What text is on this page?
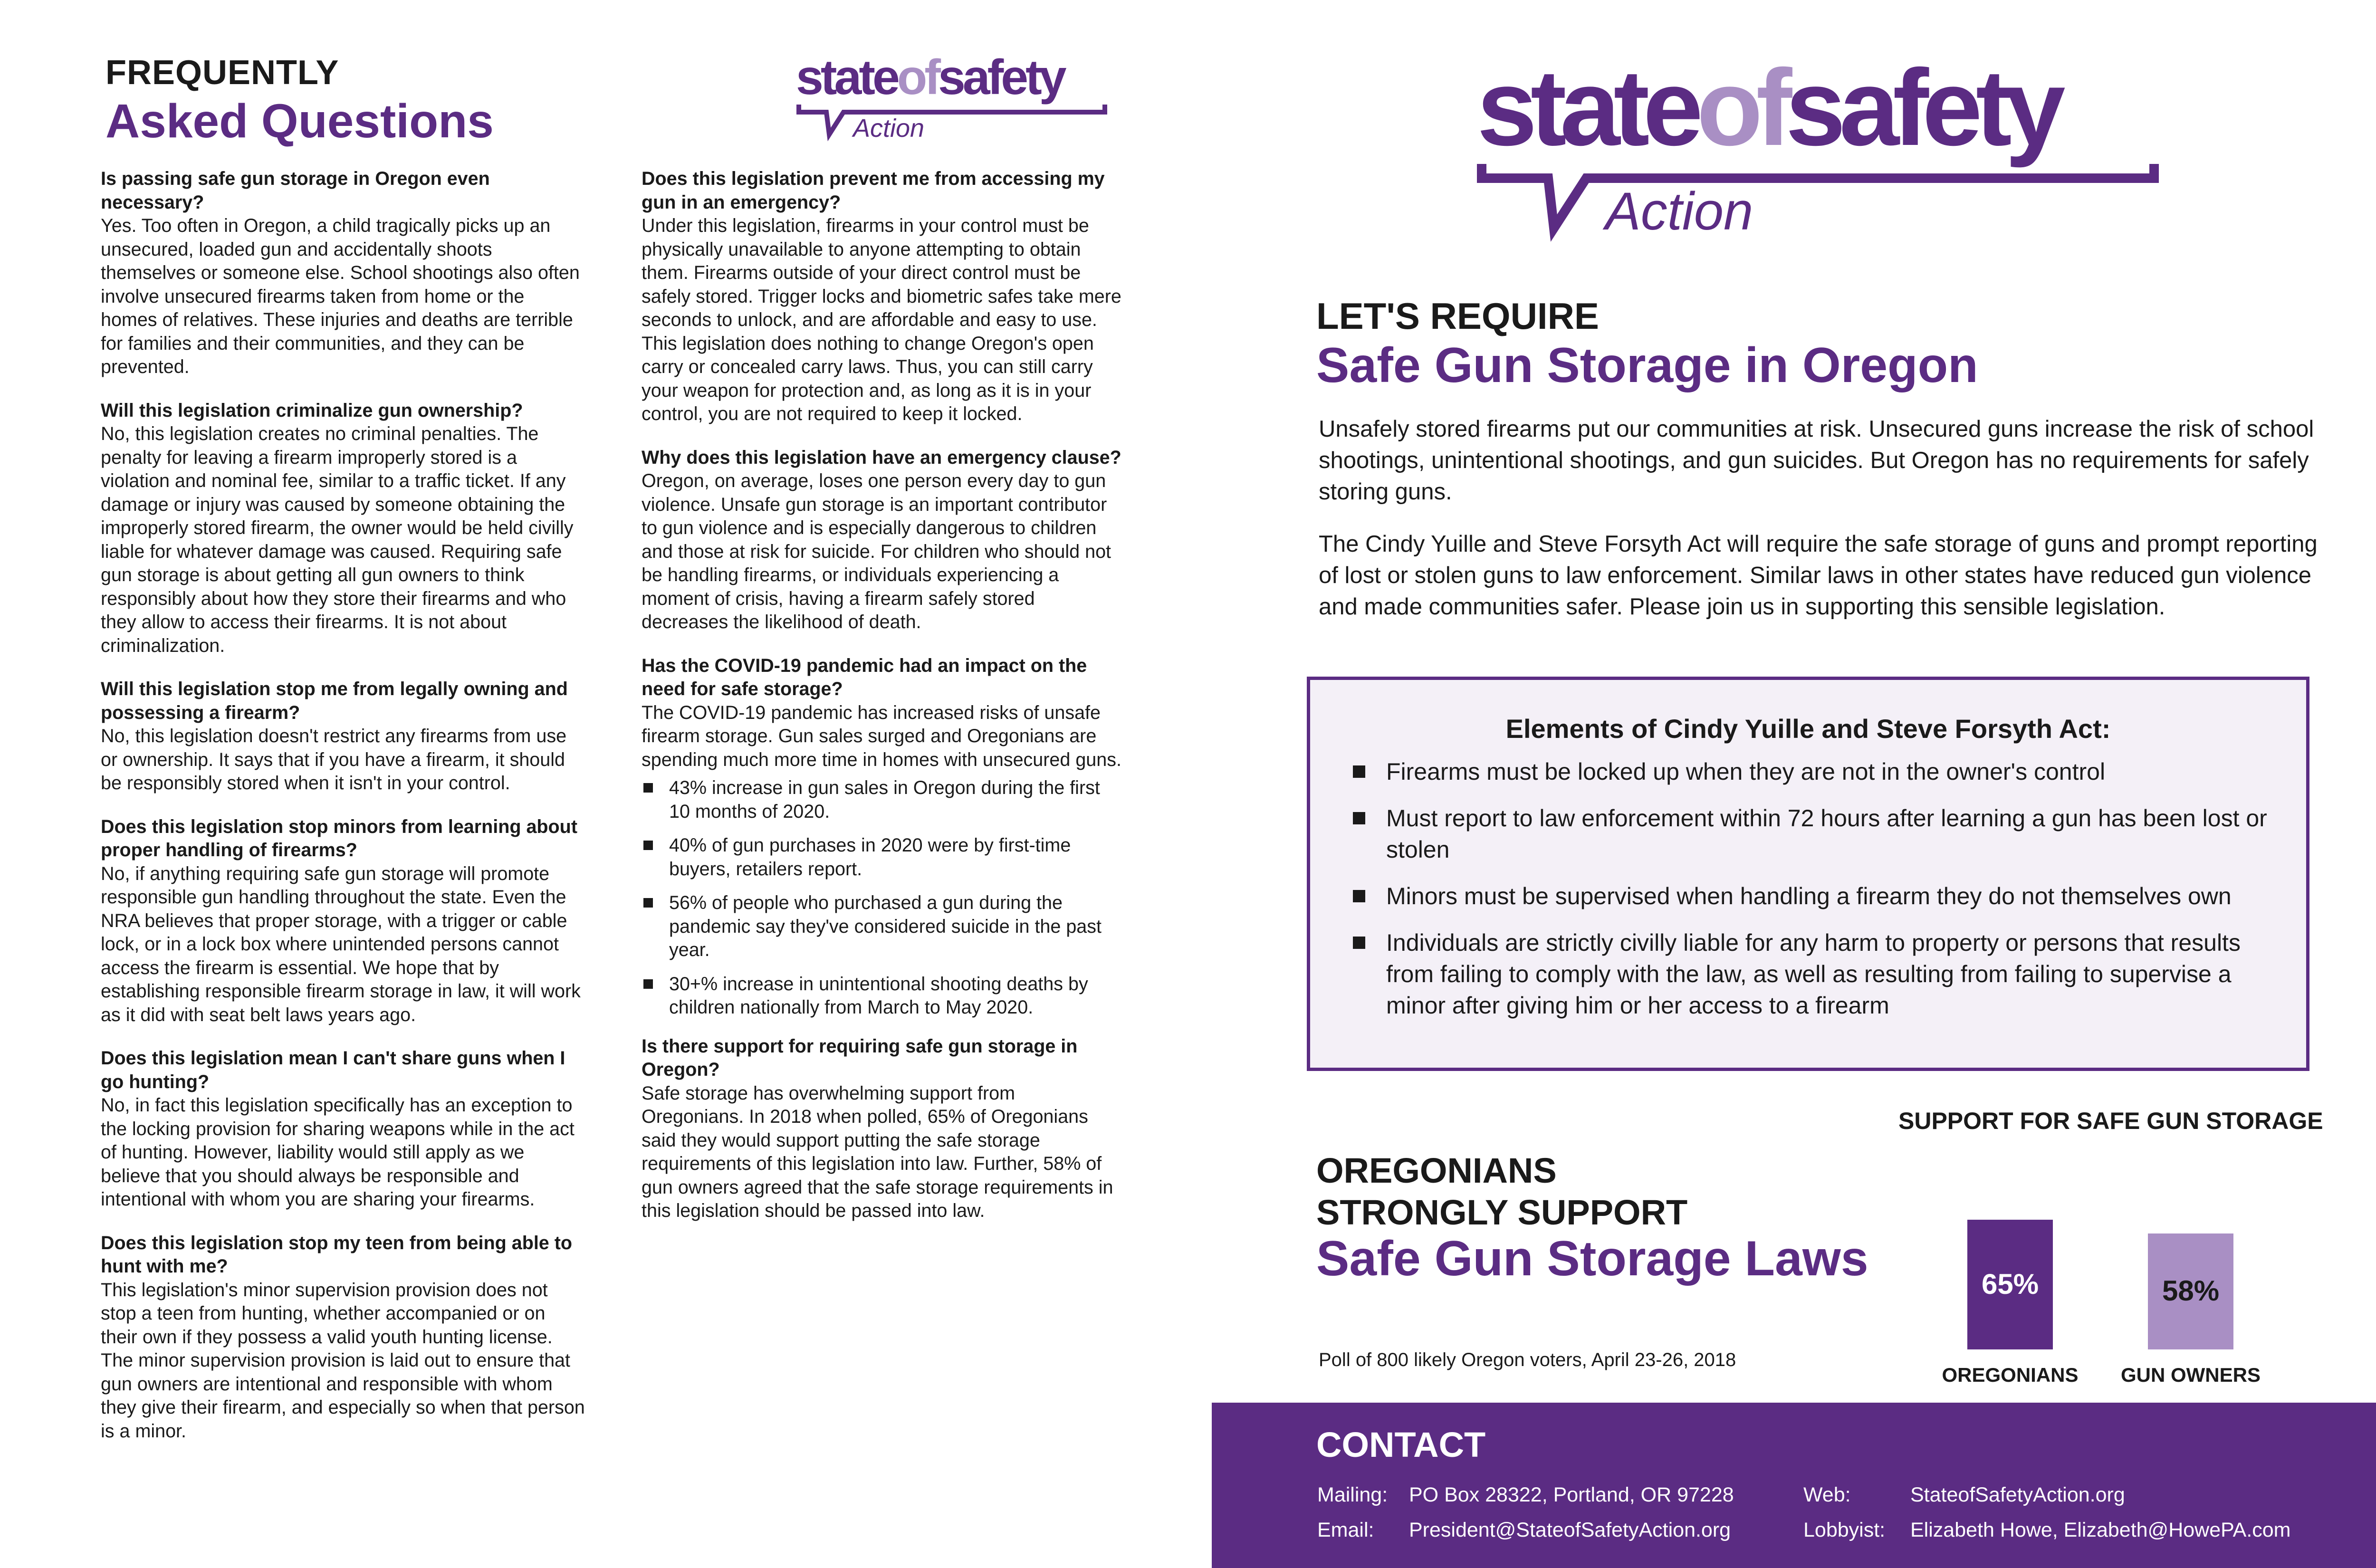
FREQUENTLY
Asked Questions
Is passing safe gun storage in Oregon even necessary?
Yes. Too often in Oregon, a child tragically picks up an unsecured, loaded gun and accidentally shoots themselves or someone else. School shootings also often involve unsecured firearms taken from home or the homes of relatives. These injuries and deaths are terrible for families and their communities, and they can be prevented.
Will this legislation criminalize gun ownership?
No, this legislation creates no criminal penalties. The penalty for leaving a firearm improperly stored is a violation and nominal fee, similar to a traffic ticket. If any damage or injury was caused by someone obtaining the improperly stored firearm, the owner would be held civilly liable for whatever damage was caused. Requiring safe gun storage is about getting all gun owners to think responsibly about how they store their firearms and who they allow to access their firearms. It is not about criminalization.
Will this legislation stop me from legally owning and possessing a firearm?
No, this legislation doesn't restrict any firearms from use or ownership. It says that if you have a firearm, it should be responsibly stored when it isn't in your control.
Does this legislation stop minors from learning about proper handling of firearms?
No, if anything requiring safe gun storage will promote responsible gun handling throughout the state. Even the NRA believes that proper storage, with a trigger or cable lock, or in a lock box where unintended persons cannot access the firearm is essential. We hope that by establishing responsible firearm storage in law, it will work as it did with seat belt laws years ago.
Does this legislation mean I can't share guns when I go hunting?
No, in fact this legislation specifically has an exception to the locking provision for sharing weapons while in the act of hunting. However, liability would still apply as we believe that you should always be responsible and intentional with whom you are sharing your firearms.
Does this legislation stop my teen from being able to hunt with me?
This legislation's minor supervision provision does not stop a teen from hunting, whether accompanied or on their own if they possess a valid youth hunting license. The minor supervision provision is laid out to ensure that gun owners are intentional and responsible with whom they give their firearm, and especially so when that person is a minor.
Does this legislation prevent me from accessing my gun in an emergency?
Under this legislation, firearms in your control must be physically unavailable to anyone attempting to obtain them. Firearms outside of your direct control must be safely stored. Trigger locks and biometric safes take mere seconds to unlock, and are affordable and easy to use. This legislation does nothing to change Oregon's open carry or concealed carry laws. Thus, you can still carry your weapon for protection and, as long as it is in your control, you are not required to keep it locked.
Why does this legislation have an emergency clause?
Oregon, on average, loses one person every day to gun violence. Unsafe gun storage is an important contributor to gun violence and is especially dangerous to children and those at risk for suicide. For children who should not be handling firearms, or individuals experiencing a moment of crisis, having a firearm safely stored decreases the likelihood of death.
Has the COVID-19 pandemic had an impact on the need for safe storage?
The COVID-19 pandemic has increased risks of unsafe firearm storage. Gun sales surged and Oregonians are spending much more time in homes with unsecured guns.
43% increase in gun sales in Oregon during the first 10 months of 2020.
40% of gun purchases in 2020 were by first-time buyers, retailers report.
56% of people who purchased a gun during the pandemic say they've considered suicide in the past year.
30+% increase in unintentional shooting deaths by children nationally from March to May 2020.
Is there support for requiring safe gun storage in Oregon?
Safe storage has overwhelming support from Oregonians. In 2018 when polled, 65% of Oregonians said they would support putting the safe storage requirements of this legislation into law. Further, 58% of gun owners agreed that the safe storage requirements in this legislation should be passed into law.
stateofsafety
Action	stateofsafety
Action
LET'S REQUIRE
Safe Gun Storage in Oregon
Unsafely stored firearms put our communities at risk. Unsecured guns increase the risk of school shootings, unintentional shootings, and gun suicides. But Oregon has no requirements for safely storing guns.
The Cindy Yuille and Steve Forsyth Act will require the safe storage of guns and prompt reporting of lost or stolen guns to law enforcement. Similar laws in other states have reduced gun violence and made communities safer. Please join us in supporting this sensible legislation.
Elements of Cindy Yuille and Steve Forsyth Act:
Firearms must be locked up when they are not in the owner's control
Must report to law enforcement within 72 hours after learning a gun has been lost or stolen
Minors must be supervised when handling a firearm they do not themselves own
Individuals are strictly civilly liable for any harm to property or persons that results from failing to comply with the law, as well as resulting from failing to supervise a minor after giving him or her access to a firearm
OREGONIANS
STRONGLY SUPPORT
Safe Gun Storage Laws
Poll of 800 likely Oregon voters, April 23-26, 2018
SUPPORT FOR SAFE GUN STORAGE
65%
OREGONIANS
58%
GUN OWNERS
CONTACT
Mailing: PO Box 28322, Portland, OR 97228
Email: President@StateofSafetyAction.org
Web:	StateofSafetyAction.org
Lobbyist: Elizabeth Howe, Elizabeth@HowePA.com
